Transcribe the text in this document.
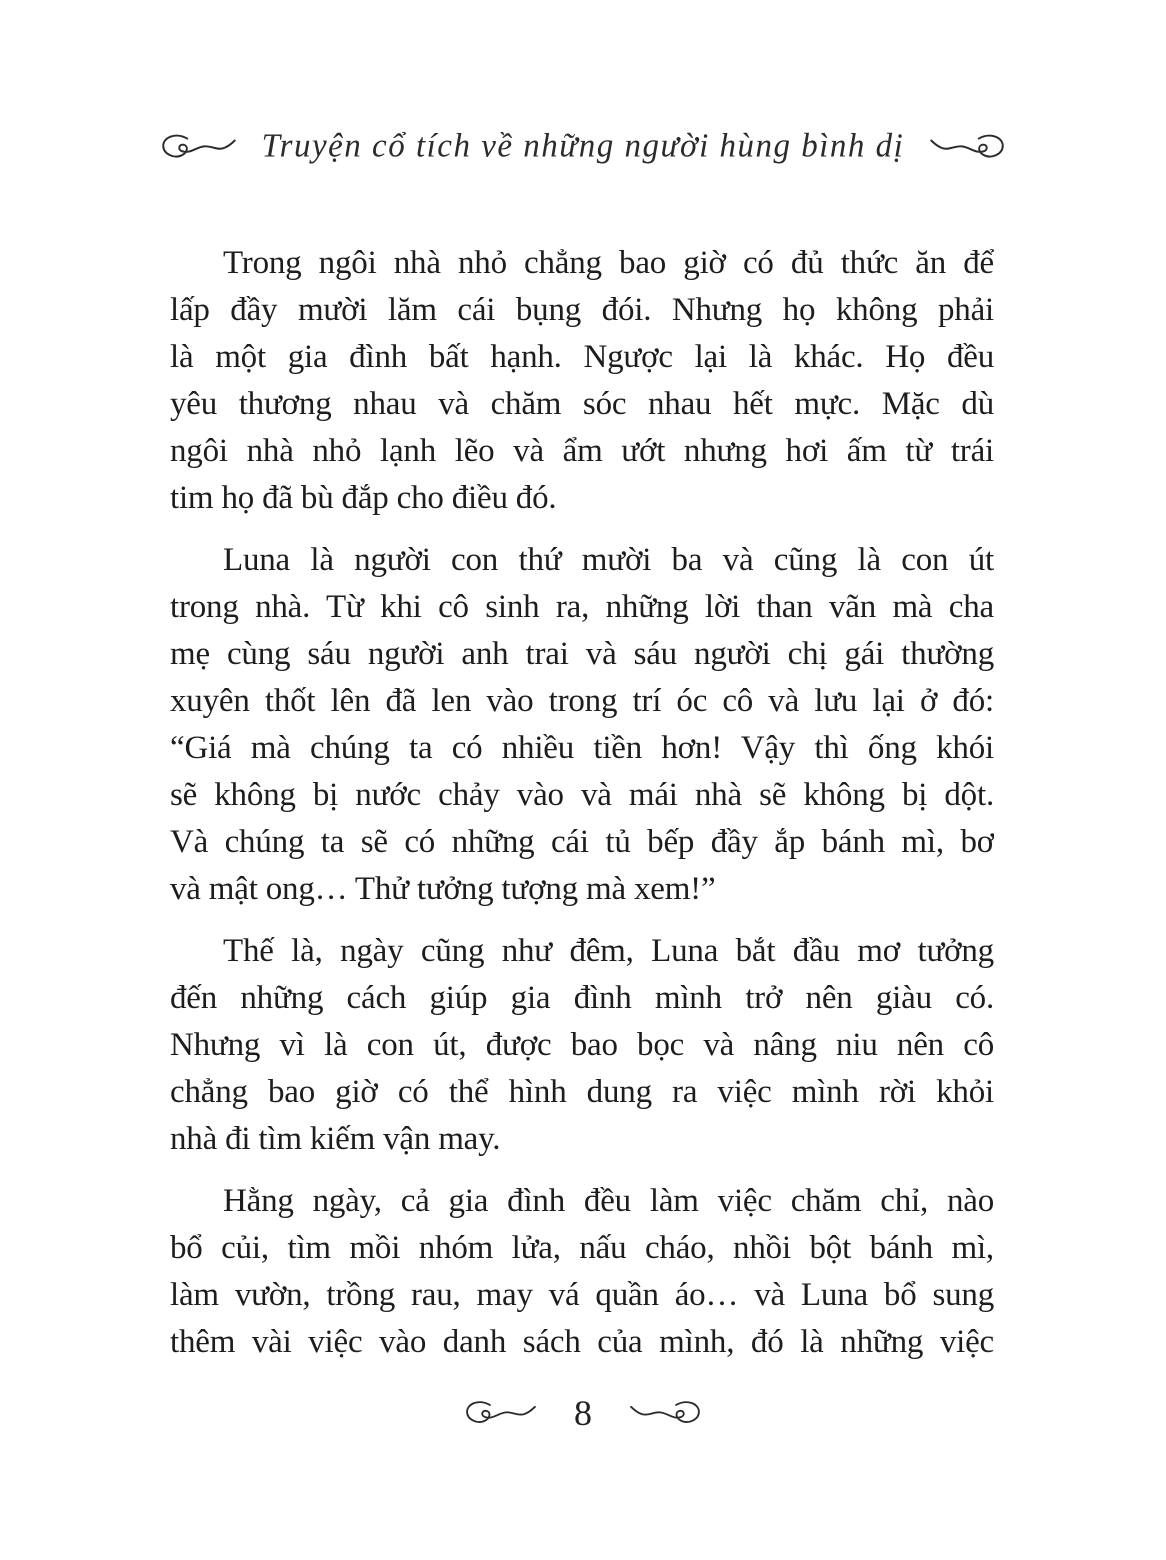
Truyện cổ tích về những người hùng bình dị
Trong ngôi nhà nhỏ chẳng bao giờ có đủ thức ăn để
lấp đầy mười lăm cái bụng đói. Nhưng họ không phải
là một gia đình bất hạnh. Ngược lại là khác. Họ đều
yêu thương nhau và chăm sóc nhau hết mực. Mặc dù
ngôi nhà nhỏ lạnh lẽo và ẩm ướt nhưng hơi ấm từ trái
tim họ đã bù đắp cho điều đó.
Luna là người con thứ mười ba và cũng là con út
trong nhà. Từ khi cô sinh ra, những lời than vãn mà cha
mẹ cùng sáu người anh trai và sáu người chị gái thường
xuyên thốt lên đã len vào trong trí óc cô và lưu lại ở đó:
“Giá mà chúng ta có nhiều tiền hơn! Vậy thì ống khói
sẽ không bị nước chảy vào và mái nhà sẽ không bị dột.
Và chúng ta sẽ có những cái tủ bếp đầy ắp bánh mì, bơ
và mật ong… Thử tưởng tượng mà xem!”
Thế là, ngày cũng như đêm, Luna bắt đầu mơ tưởng
đến những cách giúp gia đình mình trở nên giàu có.
Nhưng vì là con út, được bao bọc và nâng niu nên cô
chẳng bao giờ có thể hình dung ra việc mình rời khỏi
nhà đi tìm kiếm vận may.
Hằng ngày, cả gia đình đều làm việc chăm chỉ, nào
bổ củi, tìm mồi nhóm lửa, nấu cháo, nhồi bột bánh mì,
làm vườn, trồng rau, may vá quần áo… và Luna bổ sung
thêm vài việc vào danh sách của mình, đó là những việc
8
